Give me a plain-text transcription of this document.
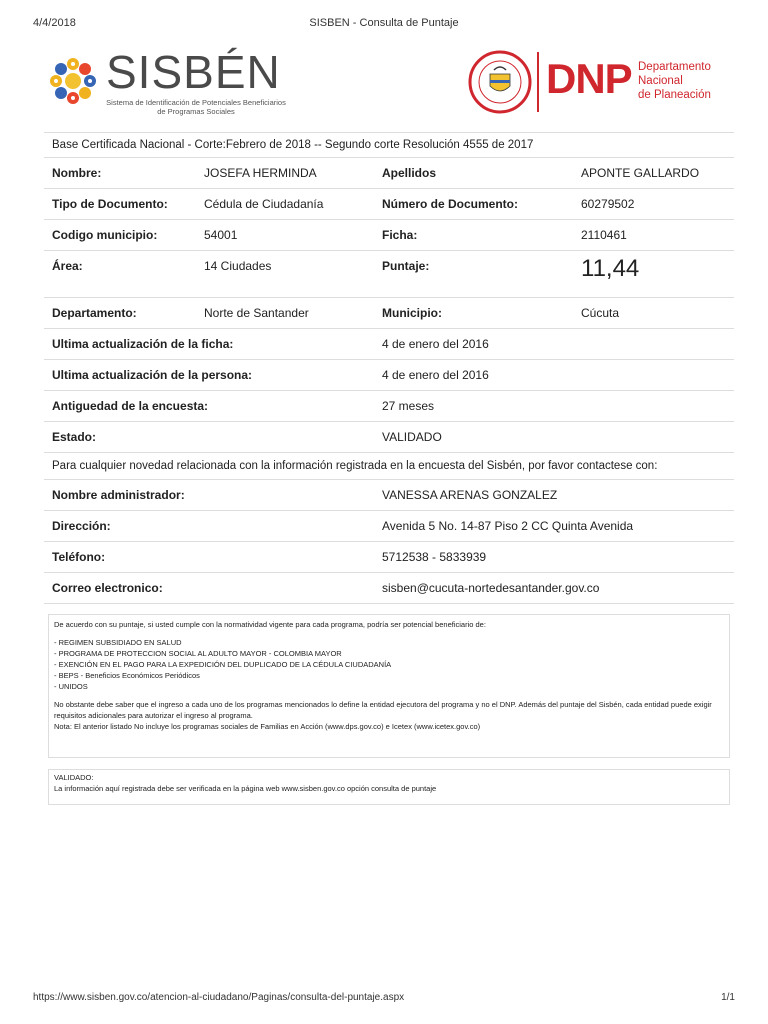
4/4/2018	SISBEN - Consulta de Puntaje
SISBÉN
Sistema de Identificación de Potenciales Beneficiarios de Programas Sociales
DNP Departamento
Nacional
de Planeación
Base Certificada Nacional - Corte:Febrero de 2018 -- Segundo corte Resolución 4555 de 2017
Nombre:	JOSEFA HERMINDA	Apellidos	APONTE GALLARDO
Tipo de Documento:	Cédula de Ciudadanía	Número de Documento:	60279502
Codigo municipio:	54001	Ficha:	2110461
Área:	14 Ciudades	Puntaje:	11,44
Departamento:	Norte de Santander	Municipio:	Cúcuta
Ultima actualización de la ficha:	4 de enero del 2016
Ultima actualización de la persona:	4 de enero del 2016
Antiguedad de la encuesta:	27 meses
Estado:	VALIDADO
Para cualquier novedad relacionada con la información registrada en la encuesta del Sisbén, por favor contactese con:
Nombre administrador:	VANESSA ARENAS GONZALEZ
Dirección:	Avenida 5 No. 14-87 Piso 2 CC Quinta Avenida
Teléfono:	5712538 - 5833939
Correo electronico:	sisben@cucuta-nortedesantander.gov.co
De acuerdo con su puntaje, si usted cumple con la normatividad vigente para cada programa, podría ser potencial beneficiario de:
- REGIMEN SUBSIDIADO EN SALUD
- PROGRAMA DE PROTECCION SOCIAL AL ADULTO MAYOR - COLOMBIA MAYOR
- EXENCIÓN EN EL PAGO PARA LA EXPEDICIÓN DEL DUPLICADO DE LA CÉDULA CIUDADANÍA
- BEPS - Beneficios Económicos Periódicos
- UNIDOS
No obstante debe saber que el ingreso a cada uno de los programas mencionados lo define la entidad ejecutora del programa y no el DNP. Además del puntaje del Sisbén, cada entidad puede exigir requisitos adicionales para autorizar el ingreso al programa.
Nota: El anterior listado No incluye los programas sociales de Familias en Acción (www.dps.gov.co) e Icetex (www.icetex.gov.co)
VALIDADO:
La información aquí registrada debe ser verificada en la página web www.sisben.gov.co opción consulta de puntaje
https://www.sisben.gov.co/atencion-al-ciudadano/Paginas/consulta-del-puntaje.aspx	1/1
